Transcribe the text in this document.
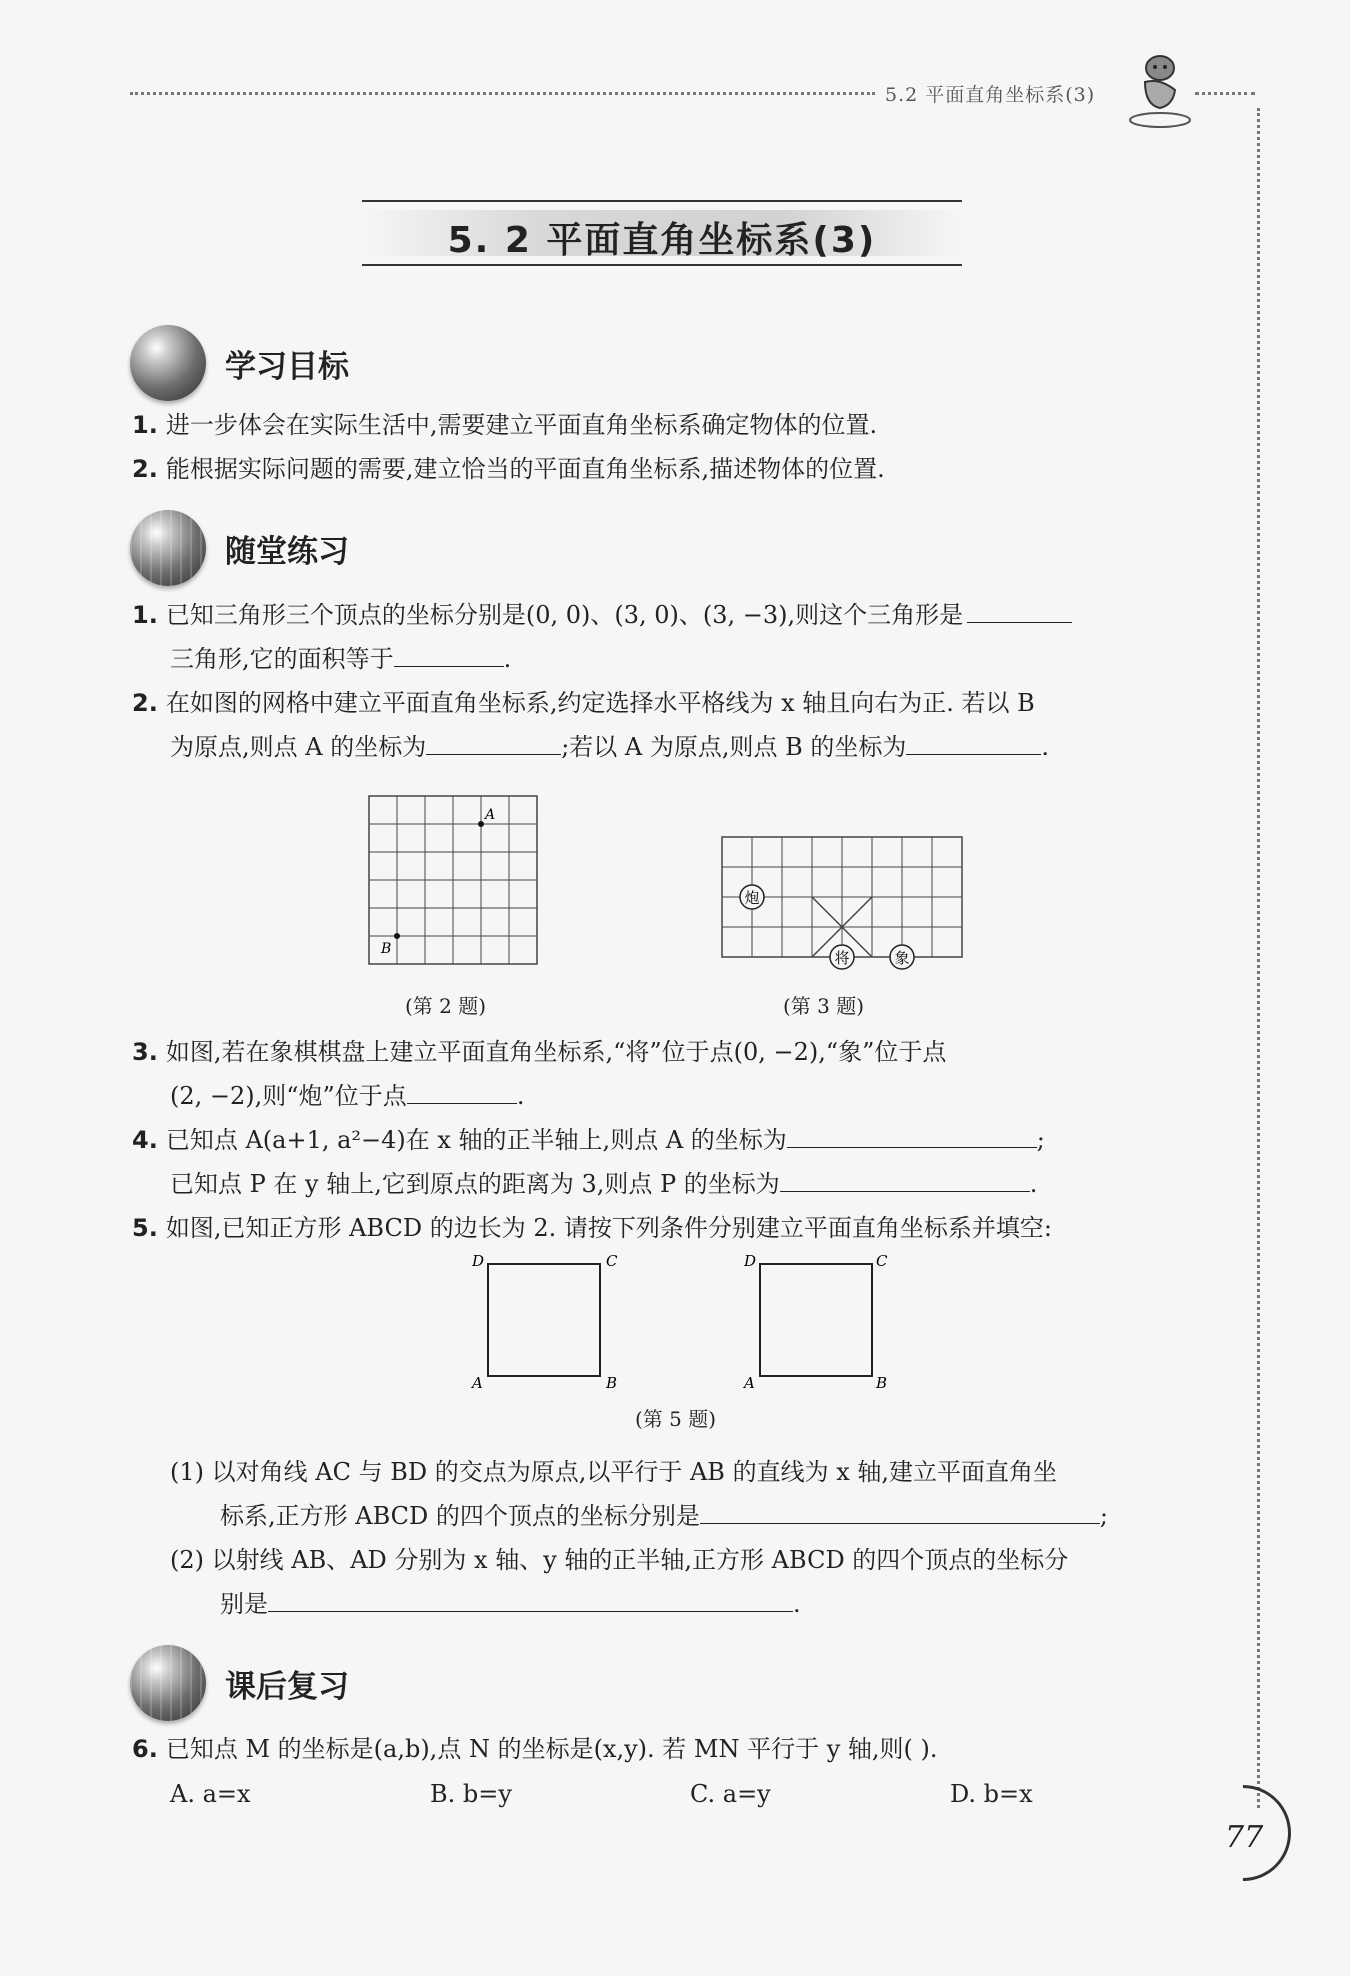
5.2 平面直角坐标系(3)
5. 2 平面直角坐标系(3)
学习目标
1. 进一步体会在实际生活中,需要建立平面直角坐标系确定物体的位置.
2. 能根据实际问题的需要,建立恰当的平面直角坐标系,描述物体的位置.
随堂练习
1. 已知三角形三个顶点的坐标分别是(0, 0)、(3, 0)、(3, −3),则这个三角形是
三角形,它的面积等于	.
2. 在如图的网格中建立平面直角坐标系,约定选择水平格线为 x 轴且向右为正. 若以 B
为原点,则点 A 的坐标为	;若以 A 为原点,则点 B 的坐标为	.
A
B
(第 2 题)
炮
将	象
(第 3 题)
3. 如图,若在象棋棋盘上建立平面直角坐标系,“将”位于点(0, −2),“象”位于点
(2, −2),则“炮”位于点	.
4. 已知点 A(a+1, a²−4)在 x 轴的正半轴上,则点 A 的坐标为	;
已知点 P 在 y 轴上,它到原点的距离为 3,则点 P 的坐标为	.
5. 如图,已知正方形 ABCD 的边长为 2. 请按下列条件分别建立平面直角坐标系并填空:
D	C
A	B
D	C
A	B
(第 5 题)
(1) 以对角线 AC 与 BD 的交点为原点,以平行于 AB 的直线为 x 轴,建立平面直角坐
标系,正方形 ABCD 的四个顶点的坐标分别是	;
(2) 以射线 AB、AD 分别为 x 轴、y 轴的正半轴,正方形 ABCD 的四个顶点的坐标分
别是	.
课后复习
6. 已知点 M 的坐标是(a,b),点 N 的坐标是(x,y). 若 MN 平行于 y 轴,则( ).
A. a=x	B. b=y	C. a=y	D. b=x
77
